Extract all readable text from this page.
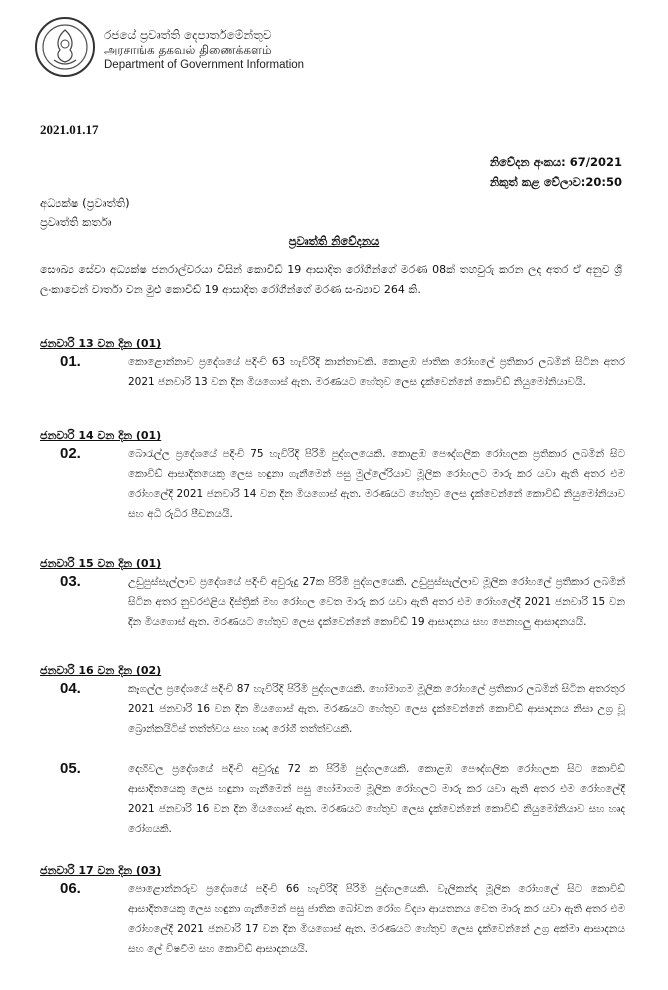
රජයේ ප්‍රවෘත්ති දෙපාර්තමේන්තුව
அரசாங்க தகவல் திணைக்களம்
Department of Government Information
2021.01.17
නිවේදන අංකය: 67/2021
නිකුත් කළ වේලාව:20:50
අධ්‍යක්ෂ (ප්‍රවෘත්ති)
ප්‍රවෘත්ති කර්තෘ
ප්‍රවෘත්ති නිවේදනය
සෞඛ්‍ය සේවා අධ්‍යක්ෂ ජනරාල්වරයා විසින් කොවිඩ් 19 ආසාදිත රෝගීන්ගේ මරණ 08ක් තහවුරු කරන ලද අතර ඒ අනුව ශ්‍රී ලංකාවෙන් වාර්තා වන මුළු කොවිඩ් 19 ආසාදිත රෝගීන්ගේ මරණ සංඛ්‍යාව 264 කි.
ජනවාරි 13 වන දින (01)
01.	කොළොන්නාව ප්‍රදේශයේ පදිංචි 63 හැවිරිදි කාන්තාවකි. කොළඹ ජාතික රෝහලේ ප්‍රතිකාර ලබමින් සිටින අතර 2021 ජනවාරි 13 වන දින මියගොස් ඇත. මරණයට හේතුව ලෙස දැක්වෙන්නේ කොවිඩ් නියුමෝනියාවයි.
ජනවාරි 14 වන දින (01)
02.	බොරැල්ල ප්‍රදේශයේ පදිංචි 75 හැවිරිදි පිරිමි පුද්ගලයෙකි. කොළඹ පෞද්ගලික රෝහලක ප්‍රතිකාර ලබමින් සිට කොවිඩ් ආසාදිතයෙකු ලෙස හඳුනා ගැනීමෙන් පසු මුල්ලේරියාව මූලික රෝහලට මාරු කර යවා ඇති අතර එම රෝහලේදී 2021 ජනවාරි 14 වන දින මියගොස් ඇත. මරණයට හේතුව ලෙස දැක්වෙන්නේ කොවිඩ් නියුමෝනියාව සහ අධි රුධිර පීඩනයයි.
ජනවාරි 15 වන දින (01)
03.	උඩුපුස්සැල්ලාව ප්‍රදේශයේ පදිංචි අවුරුදු 27ක පිරිමි පුද්ගලයෙකි. උඩුපුස්සැල්ලාව මූලික රෝහලේ ප්‍රතිකාර ලබමින් සිටින අතර නුවරඑළිය දිස්ත්‍රික් මහ රෝහල වෙත මාරු කර යවා ඇති අතර එම රෝහලේදී 2021 ජනවාරි 15 වන දින මියගොස් ඇත. මරණයට හේතුව ලෙස දැක්වෙන්නේ කොවිඩ් 19 ආසාදනය සහ පෙනහලු ආසාදනයයි.
ජනවාරි 16 වන දින (02)
04.	කෑගල්ල ප්‍රදේශයේ පදිංචි 87 හැවිරිදි පිරිමි පුද්ගලයෙකි. හෝමාගම මූලික රෝහලේ ප්‍රතිකාර ලබමින් සිටින අතරතුර 2021 ජනවාරි 16 වන දින මියගොස් ඇත. මරණයට හේතුව ලෙස දැක්වෙන්නේ කොවිඩ් ආසාදනය නිසා උග්‍ර වූ බ්‍රොන්කයිටිස් තත්ත්වය සහ හෘද රෝගී තත්ත්වයකි.
05.	දෙහිවල ප්‍රදේශයේ පදිංචි අවුරුදු 72 ක පිරිමි පුද්ගලයෙකි. කොළඹ පෞද්ගලික රෝහලක සිට කොවිඩ් ආසාදිතයෙකු ලෙස හඳුනා ගැනීමෙන් පසු හෝමාගම මූලික රෝහලට මාරු කර යවා ඇති අතර එම රෝහලේදී 2021 ජනවාරි 16 වන දින මියගොස් ඇත. මරණයට හේතුව ලෙස දැක්වෙන්නේ කොවිඩ් නියුමෝනියාව සහ හෘද රෝගයකි.
ජනවාරි 17 වන දින (03)
06.	පොළොන්නරුව ප්‍රදේශයේ පදිංචි 66 හැවිරිදි පිරිමි පුද්ගලයෙකි. වැලිකන්ද මූලික රෝහලේ සිට කොවිඩ් ආසාදිතයෙකු ලෙස හඳුනා ගැනීමෙන් පසු ජාතික බෝවන රෝග විද්‍යා ආයතනය වෙත මාරු කර යවා ඇති අතර එම රෝහලේදී 2021 ජනවාරි 17 වන දින මියගොස් ඇත. මරණයට හේතුව ලෙස දැක්වෙන්නේ උග්‍ර අක්මා ආසාදනය සහ ලේ විෂවීම සහ කොවිඩ් ආසාදනයයි.
